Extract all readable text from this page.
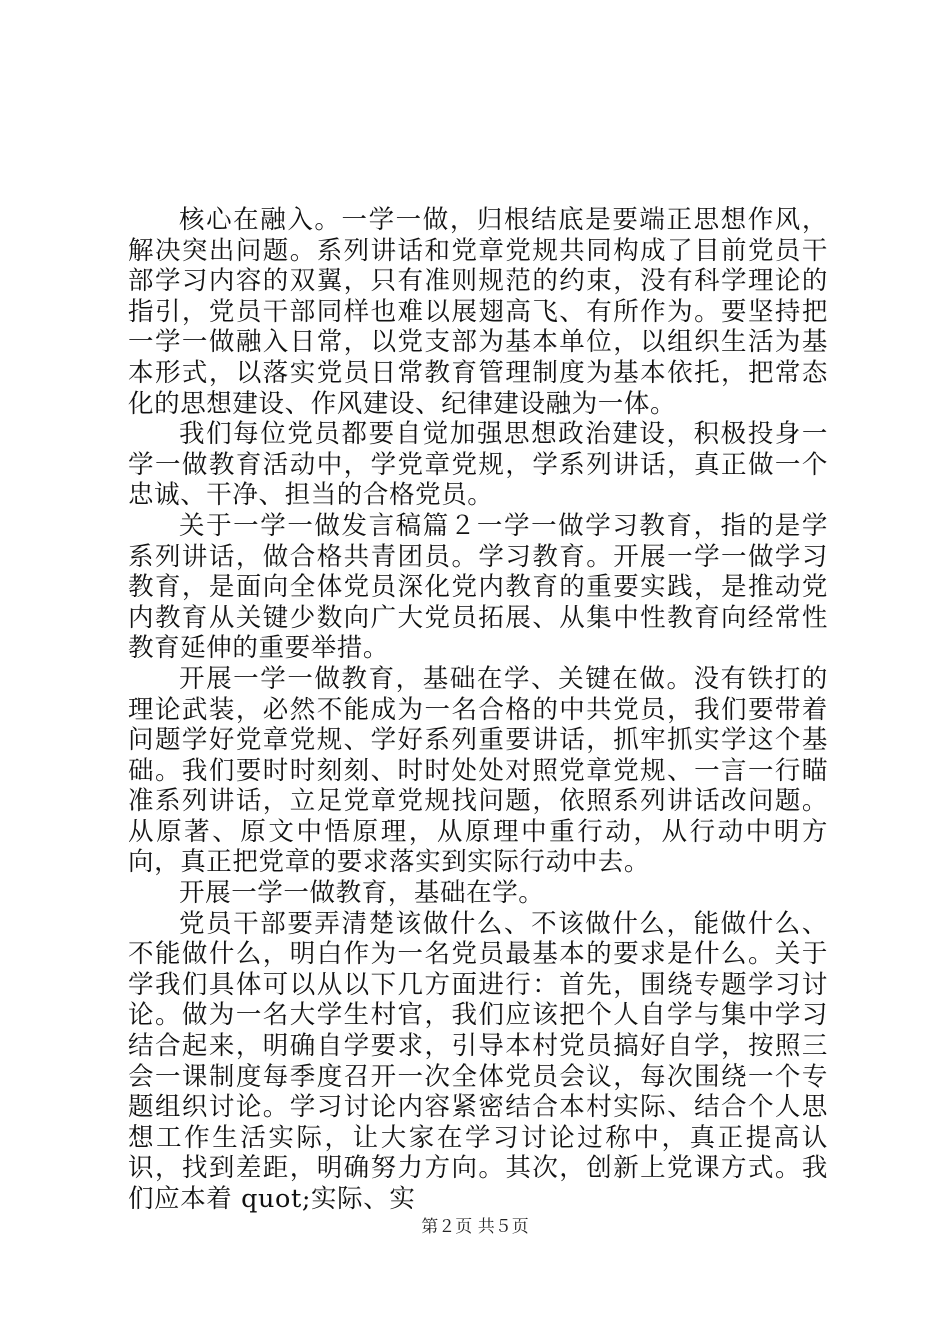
核心在融入。一学一做，归根结底是要端正思想作风，解决突出问题。系列讲话和党章党规共同构成了目前党员干部学习内容的双翼，只有准则规范的约束，没有科学理论的指引，党员干部同样也难以展翅高飞、有所作为。要坚持把一学一做融入日常，以党支部为基本单位，以组织生活为基本形式，以落实党员日常教育管理制度为基本依托，把常态化的思想建设、作风建设、纪律建设融为一体。

我们每位党员都要自觉加强思想政治建设，积极投身一学一做教育活动中，学党章党规，学系列讲话，真正做一个忠诚、干净、担当的合格党员。

关于一学一做发言稿篇２一学一做学习教育，指的是学系列讲话，做合格共青团员。学习教育。开展一学一做学习教育，是面向全体党员深化党内教育的重要实践，是推动党内教育从关键少数向广大党员拓展、从集中性教育向经常性教育延伸的重要举措。

开展一学一做教育，基础在学、关键在做。没有铁打的理论武装，必然不能成为一名合格的中共党员，我们要带着问题学好党章党规、学好系列重要讲话，抓牢抓实学这个基础。我们要时时刻刻、时时处处对照党章党规、一言一行瞄准系列讲话，立足党章党规找问题，依照系列讲话改问题。从原著、原文中悟原理，从原理中重行动，从行动中明方向，真正把党章的要求落实到实际行动中去。

开展一学一做教育，基础在学。

党员干部要弄清楚该做什么、不该做什么，能做什么、不能做什么，明白作为一名党员最基本的要求是什么。关于学我们具体可以从以下几方面进行：首先，围绕专题学习讨论。做为一名大学生村官，我们应该把个人自学与集中学习结合起来，明确自学要求，引导本村党员搞好自学，按照三会一课制度每季度召开一次全体党员会议，每次围绕一个专题组织讨论。学习讨论内容紧密结合本村实际、结合个人思想工作生活实际，让大家在学习讨论过称中，真正提高认识，找到差距，明确努力方向。其次，创新上党课方式。我们应本着 quot;实际、实

第２页 共５页
